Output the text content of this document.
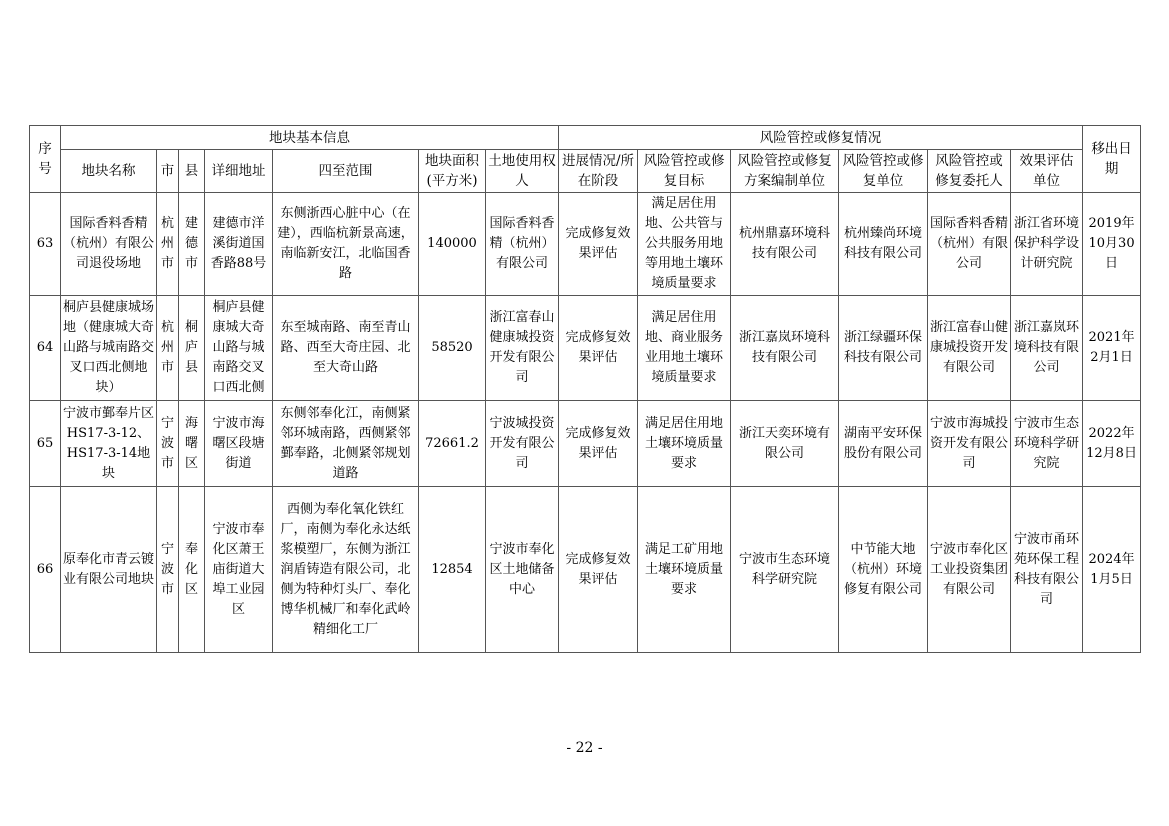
序号	地块基本信息							风险管控或修复情况						移出日期
	地块名称	市	县	详细地址	四至范围	地块面积(平方米)	土地使用权人	进展情况/所在阶段	风险管控或修复目标	风险管控或修复方案编制单位	风险管控或修复单位	风险管控或修复委托人	效果评估单位	
63	国际香料香精（杭州）有限公司退役场地	杭州市	建德市	建德市洋溪街道国香路88号	东侧浙西心脏中心（在建），西临杭新景高速，南临新安江，北临国香路	140000	国际香料香精（杭州）有限公司	完成修复效果评估	满足居住用地、公共管与公共服务用地等用地土壤环境质量要求	杭州鼎嘉环境科技有限公司	杭州臻尚环境科技有限公司	国际香料香精（杭州）有限公司	浙江省环境保护科学设计研究院	2019年10月30日
64	桐庐县健康城场地（健康城大奇山路与城南路交叉口西北侧地块）	杭州市	桐庐县	桐庐县健康城大奇山路与城南路交叉口西北侧	东至城南路、南至青山路、西至大奇庄园、北至大奇山路	58520	浙江富春山健康城投资开发有限公司	完成修复效果评估	满足居住用地、商业服务业用地土壤环境质量要求	浙江嘉岚环境科技有限公司	浙江绿疆环保科技有限公司	浙江富春山健康城投资开发有限公司	浙江嘉岚环境科技有限公司	2021年2月1日
65	宁波市鄞奉片区HS17-3-12、HS17-3-14地块	宁波市	海曙区	宁波市海曙区段塘街道	东侧邻奉化江，南侧紧邻环城南路，西侧紧邻鄞奉路，北侧紧邻规划道路	72661.2	宁波城投资开发有限公司	完成修复效果评估	满足居住用地土壤环境质量要求	浙江天奕环境有限公司	湖南平安环保股份有限公司	宁波市海城投资开发有限公司	宁波市生态环境科学研究院	2022年12月8日
66	原奉化市青云镀业有限公司地块	宁波市	奉化区	宁波市奉化区萧王庙街道大埠工业园区	西侧为奉化氧化铁红厂，南侧为奉化永达纸浆模塑厂，东侧为浙江润盾铸造有限公司，北侧为特种灯头厂、奉化博华机械厂和奉化武岭精细化工厂	12854	宁波市奉化区土地储备中心	完成修复效果评估	满足工矿用地土壤环境质量要求	宁波市生态环境科学研究院	中节能大地（杭州）环境修复有限公司	宁波市奉化区工业投资集团有限公司	宁波市甬环苑环保工程科技有限公司	2024年1月5日
- 22 -
